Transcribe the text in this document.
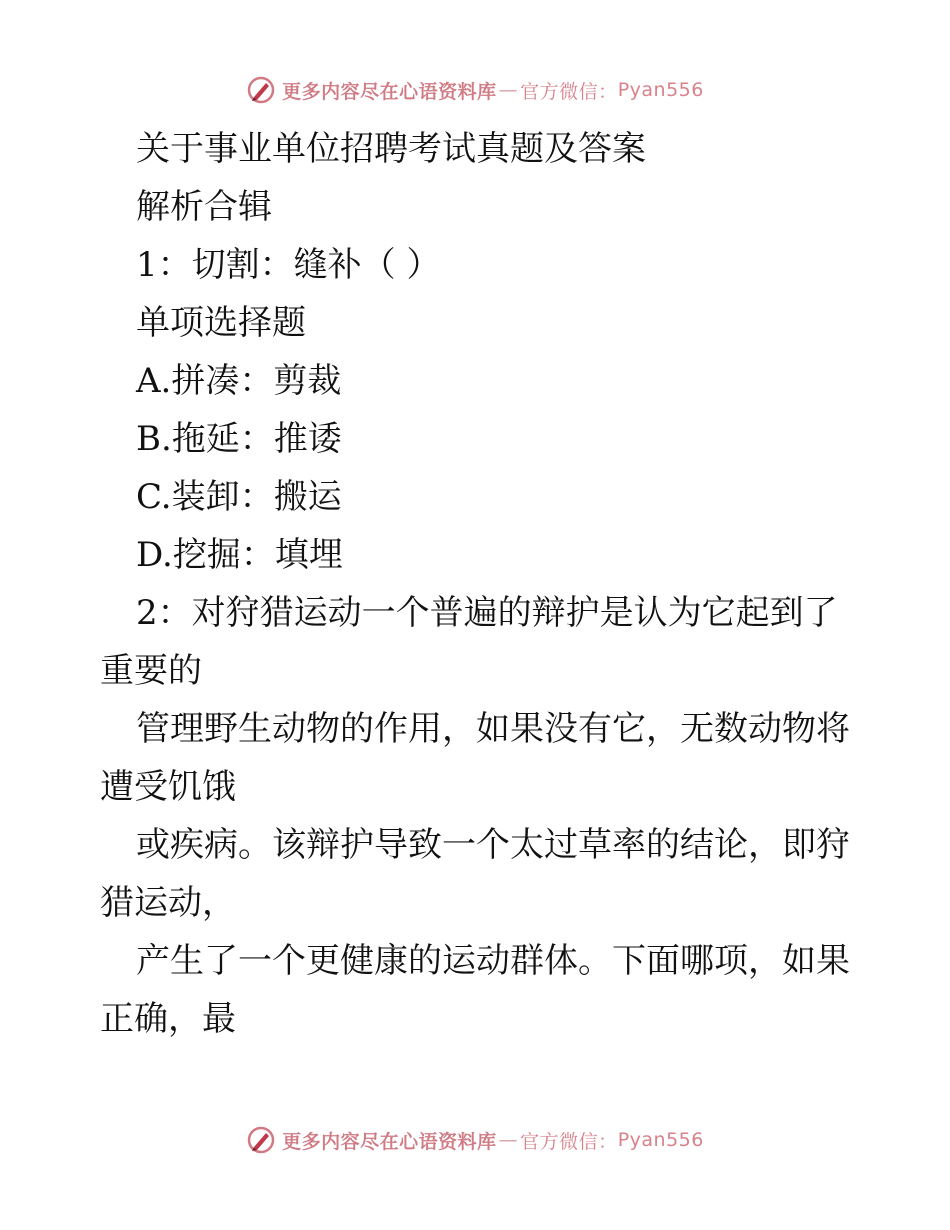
更多内容尽在心语资料库 — 官方微信： Pyan556
关于事业单位招聘考试真题及答案
解析合辑
1：切割：缝补（ ）
单项选择题
A.拼凑：剪裁
B.拖延：推诿
C.装卸：搬运
D.挖掘：填埋
2：对狩猎运动一个普遍的辩护是认为它起到了
重要的
管理野生动物的作用，如果没有它，无数动物将
遭受饥饿
或疾病。该辩护导致一个太过草率的结论，即狩
猎运动，
产生了一个更健康的运动群体。下面哪项，如果
正确，最
更多内容尽在心语资料库 — 官方微信： Pyan556
